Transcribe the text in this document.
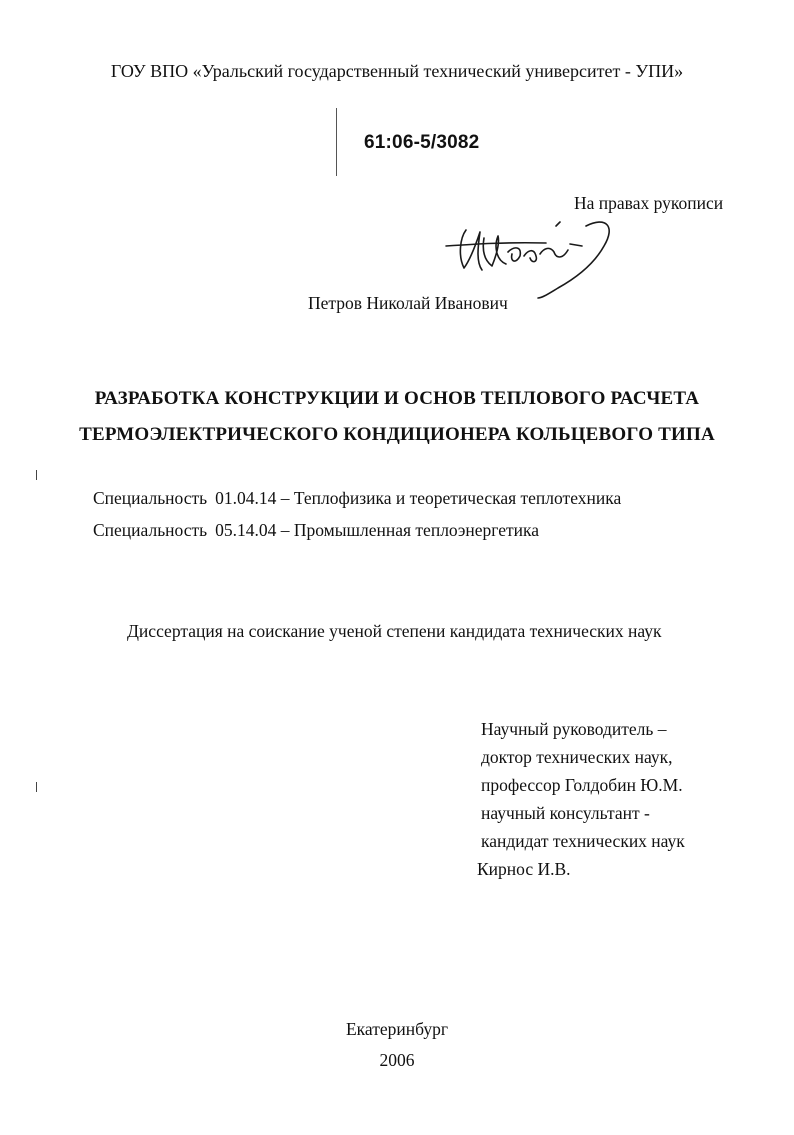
ГОУ ВПО «Уральский государственный технический университет - УПИ»
61:06-5/3082
На правах рукописи
Петров Николай Иванович
РАЗРАБОТКА КОНСТРУКЦИИ И ОСНОВ ТЕПЛОВОГО РАСЧЕТА
ТЕРМОЭЛЕКТРИЧЕСКОГО КОНДИЦИОНЕРА КОЛЬЦЕВОГО ТИПА
Специальность 01.04.14 – Теплофизика и теоретическая теплотехника
Специальность 05.14.04 – Промышленная теплоэнергетика
Диссертация на соискание ученой степени кандидата технических наук
Научный руководитель –
доктор технических наук,
профессор Голдобин Ю.М.
научный консультант -
кандидат технических наук
Кирнос И.В.
Екатеринбург
2006
